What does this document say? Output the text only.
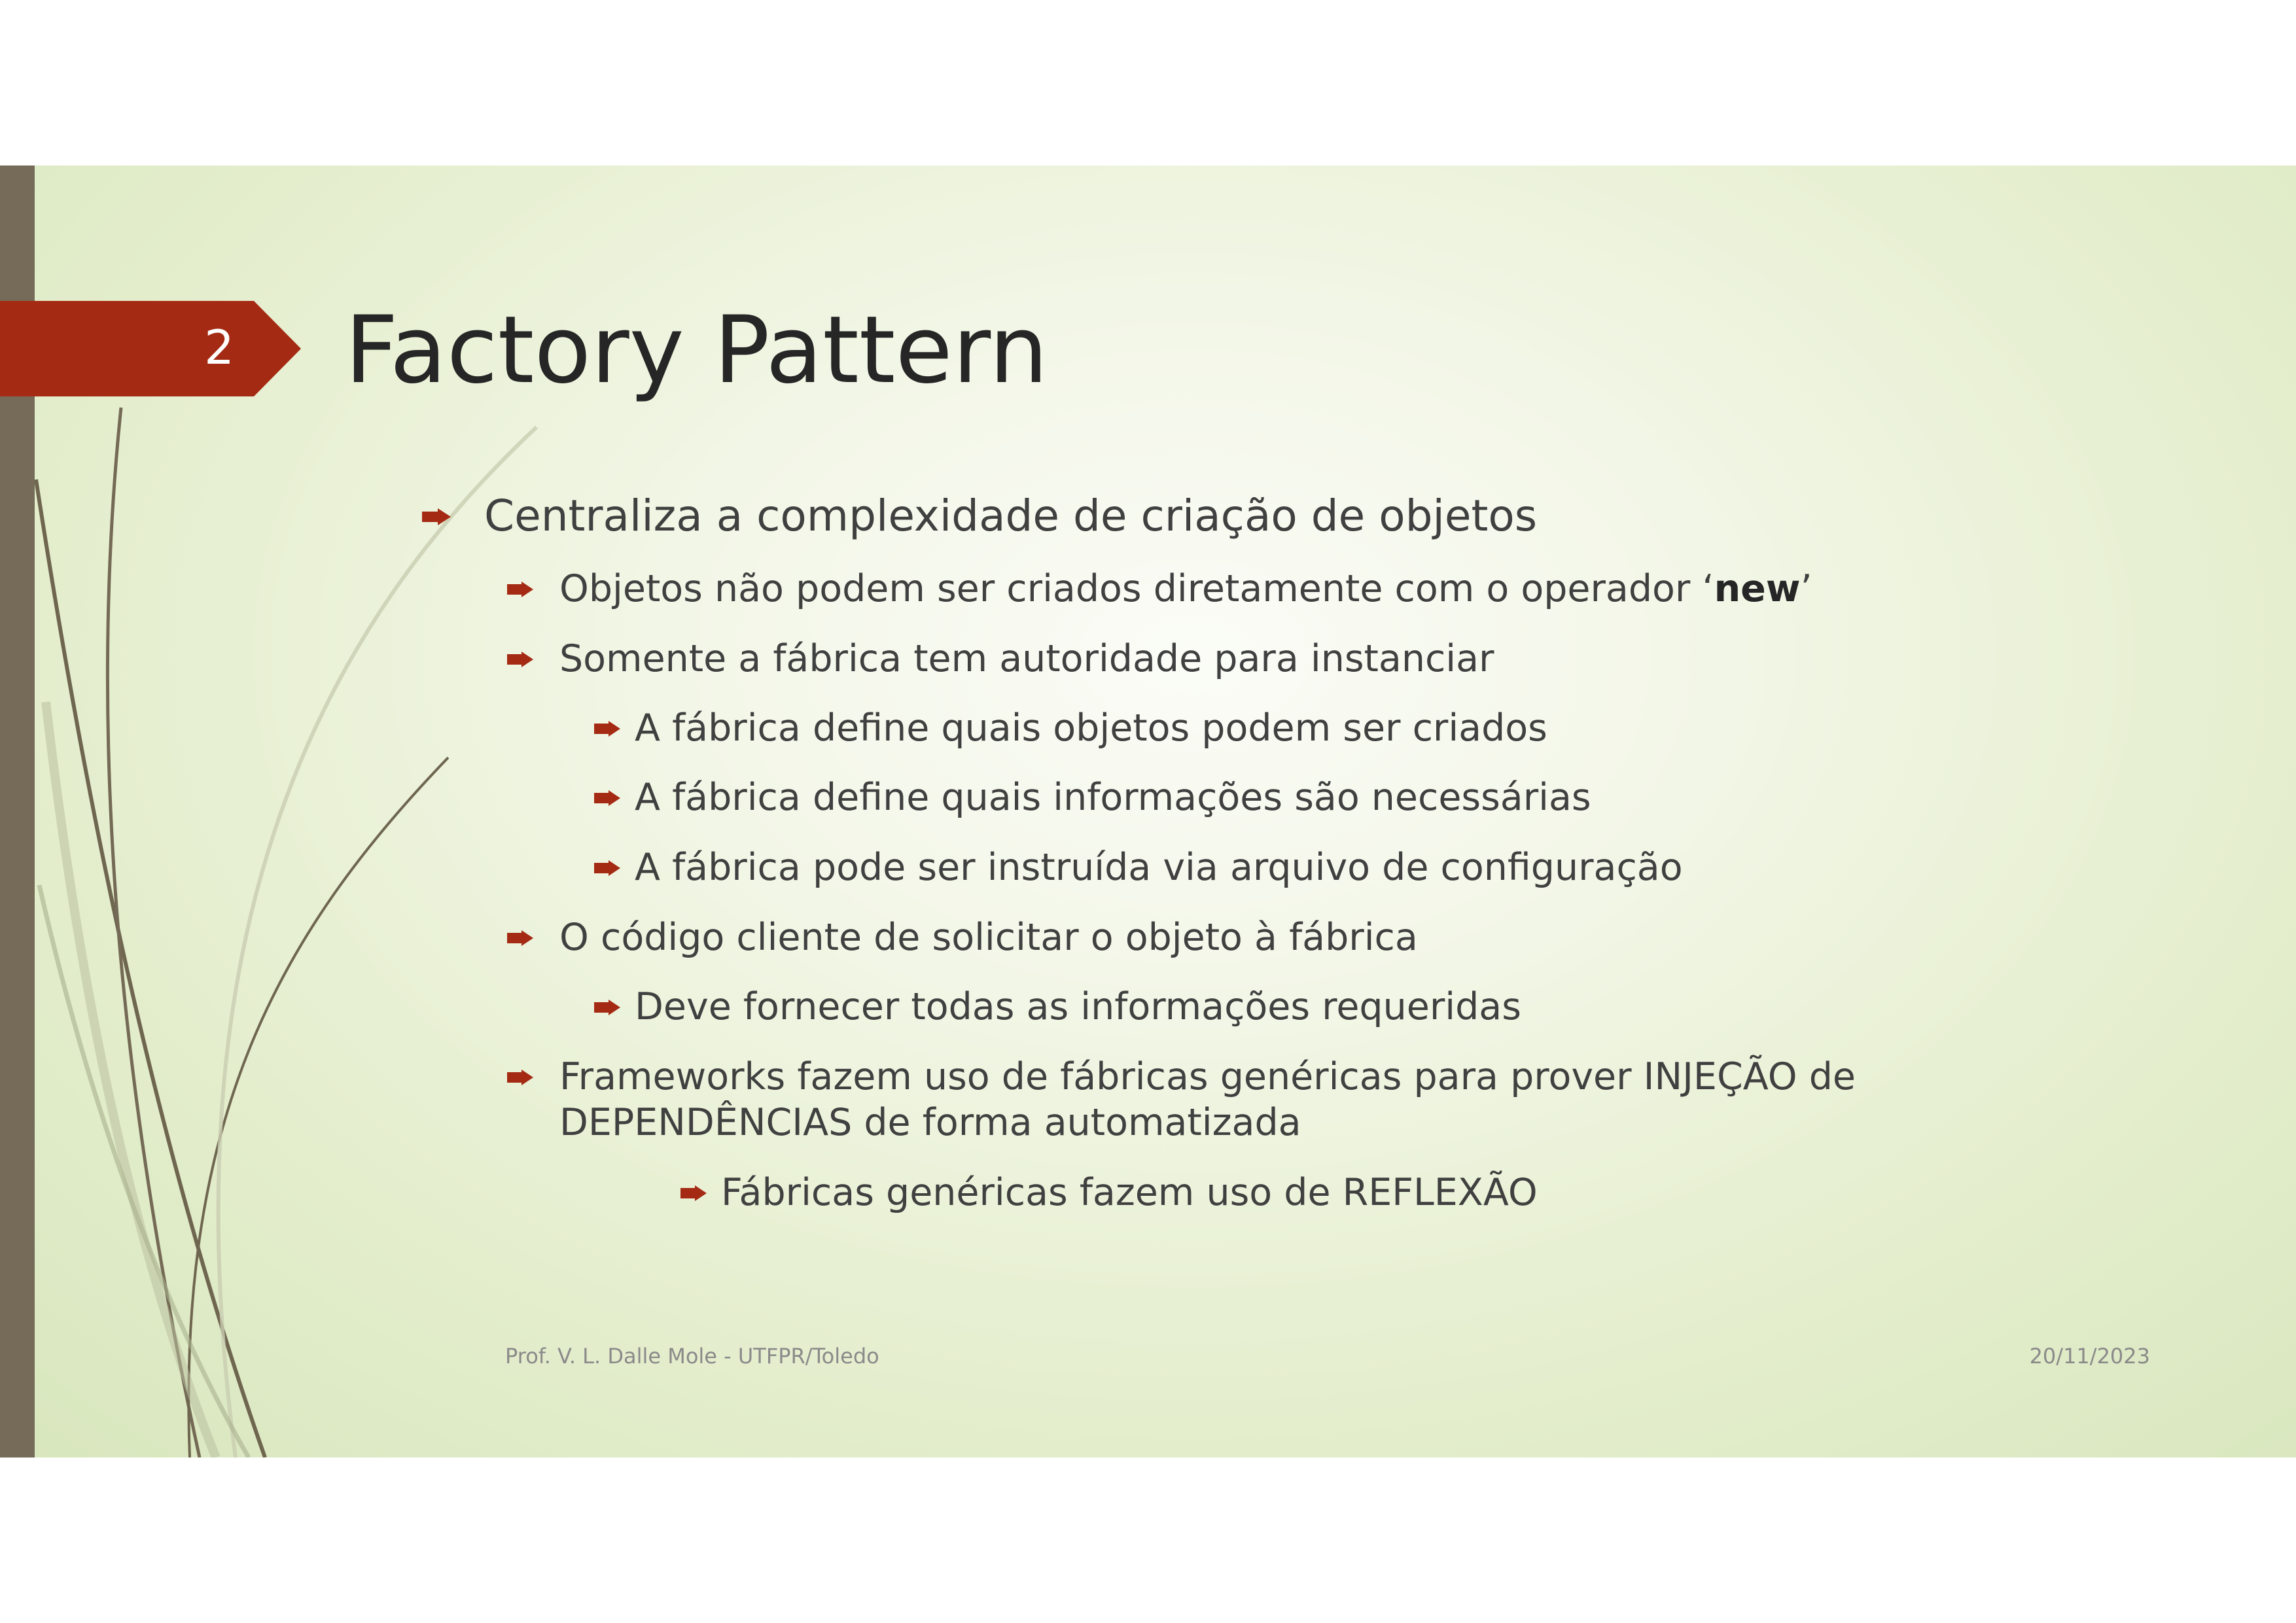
2 Factory Pattern
Centraliza a complexidade de criação de objetos
Objetos não podem ser criados diretamente com o operador ‘new’
Somente a fábrica tem autoridade para instanciar
A fábrica define quais objetos podem ser criados
A fábrica define quais informações são necessárias
A fábrica pode ser instruída via arquivo de configuração
O código cliente de solicitar o objeto à fábrica
Deve fornecer todas as informações requeridas
Frameworks fazem uso de fábricas genéricas para prover INJEÇÃO de DEPENDÊNCIAS de forma automatizada
Fábricas genéricas fazem uso de REFLEXÃO
Prof. V. L. Dalle Mole - UTFPR/Toledo	20/11/2023
